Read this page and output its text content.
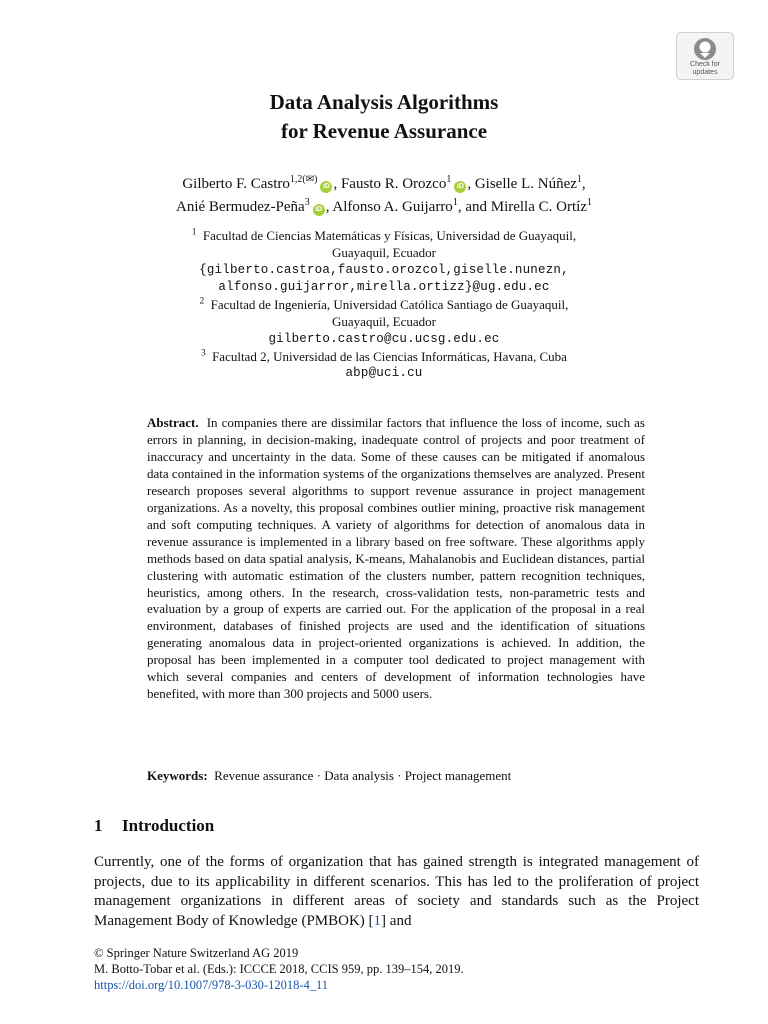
Check for
updates
Data Analysis Algorithms
for Revenue Assurance
Gilberto F. Castro$^{1,2(✉)}$iD , Fausto R. Orozco$^1$iD , Giselle L. Núñez$^1$,
Anié Bermudez-Peña$^3$iD , Alfonso A. Guijarro$^1$, and Mirella C. Ortíz$^1$
$^1$ Facultad de Ciencias Matemáticas y Físicas, Universidad de Guayaquil,
Guayaquil, Ecuador
{gilberto.castroa,fausto.orozcol,giselle.nunezn,
alfonso.guijarror,mirella.ortizz}@ug.edu.ec
$^2$ Facultad de Ingeniería, Universidad Católica Santiago de Guayaquil,
Guayaquil, Ecuador
gilberto.castro@cu.ucsg.edu.ec
$^3$ Facultad 2, Universidad de las Ciencias Informáticas, Havana, Cuba
abp@uci.cu
Abstract. In companies there are dissimilar factors that influence the loss of income, such as errors in planning, in decision-making, inadequate control of projects and poor treatment of inaccuracy and uncertainty in the data. Some of these causes can be mitigated if anomalous data contained in the information systems of the organizations themselves are analyzed. Present research proposes several algorithms to support revenue assurance in project management organizations. As a novelty, this proposal combines outlier mining, proactive risk management and soft computing techniques. A variety of algorithms for detection of anomalous data in revenue assurance is implemented in a library based on free software. These algorithms apply methods based on data spatial analysis, K-means, Mahalanobis and Euclidean distances, partial clustering with automatic estimation of the clusters number, pattern recognition techniques, heuristics, among others. In the research, cross-validation tests, non-parametric tests and evaluation by a group of experts are carried out. For the application of the proposal in a real environment, databases of finished projects are used and the identification of situations generating anomalous data in project-oriented organizations is achieved. In addition, the proposal has been implemented in a computer tool dedicated to project management with which several companies and centers of development of information technologies have benefited, with more than 300 projects and 5000 users.
Keywords: Revenue assurance · Data analysis · Project management
1 Introduction
Currently, one of the forms of organization that has gained strength is integrated management of projects, due to its applicability in different scenarios. This has led to the proliferation of project management organizations in different areas of society and standards such as the Project Management Body of Knowledge (PMBOK) [1] and
© Springer Nature Switzerland AG 2019
M. Botto-Tobar et al. (Eds.): ICCCE 2018, CCIS 959, pp. 139–154, 2019.
https://doi.org/10.1007/978-3-030-12018-4_11
